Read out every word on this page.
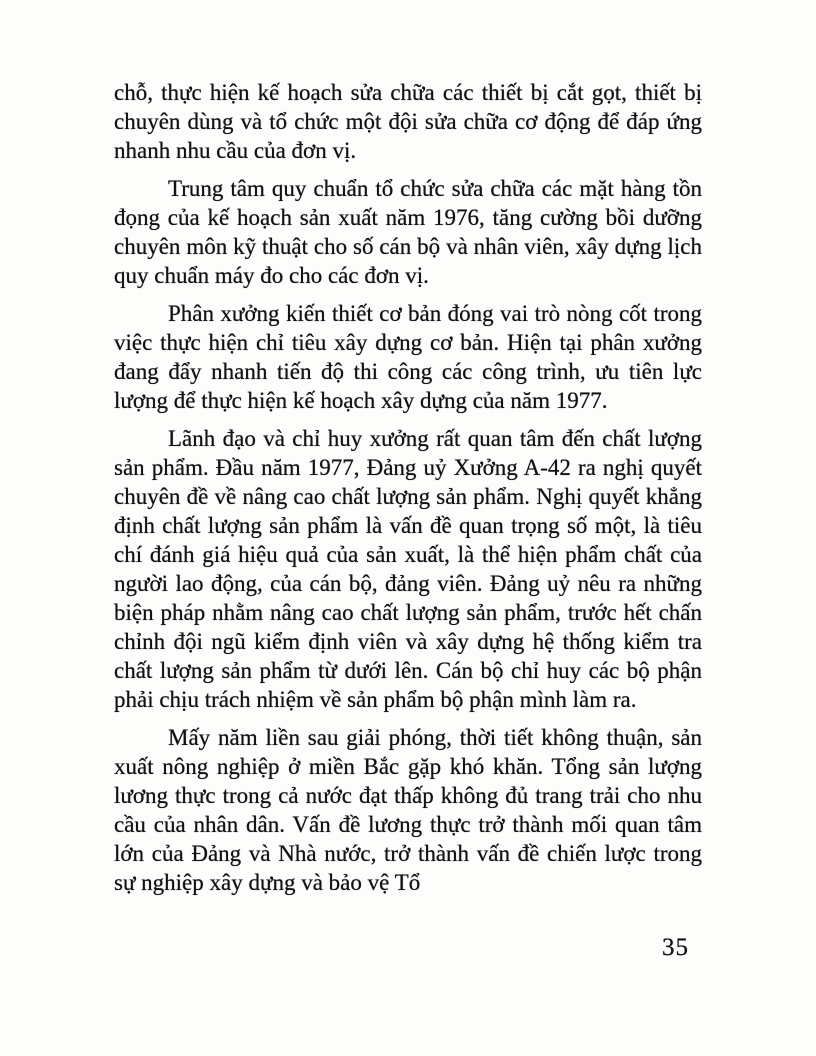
chỗ, thực hiện kế hoạch sửa chữa các thiết bị cắt gọt, thiết bị chuyên dùng và tổ chức một đội sửa chữa cơ động để đáp ứng nhanh nhu cầu của đơn vị.

Trung tâm quy chuẩn tổ chức sửa chữa các mặt hàng tồn đọng của kế hoạch sản xuất năm 1976, tăng cường bồi dưỡng chuyên môn kỹ thuật cho số cán bộ và nhân viên, xây dựng lịch quy chuẩn máy đo cho các đơn vị.

Phân xưởng kiến thiết cơ bản đóng vai trò nòng cốt trong việc thực hiện chỉ tiêu xây dựng cơ bản. Hiện tại phân xưởng đang đẩy nhanh tiến độ thi công các công trình, ưu tiên lực lượng để thực hiện kế hoạch xây dựng của năm 1977.

Lãnh đạo và chỉ huy xưởng rất quan tâm đến chất lượng sản phẩm. Đầu năm 1977, Đảng uỷ Xưởng A-42 ra nghị quyết chuyên đề về nâng cao chất lượng sản phẩm. Nghị quyết khẳng định chất lượng sản phẩm là vấn đề quan trọng số một, là tiêu chí đánh giá hiệu quả của sản xuất, là thể hiện phẩm chất của người lao động, của cán bộ, đảng viên. Đảng uỷ nêu ra những biện pháp nhằm nâng cao chất lượng sản phẩm, trước hết chấn chỉnh đội ngũ kiểm định viên và xây dựng hệ thống kiểm tra chất lượng sản phẩm từ dưới lên. Cán bộ chỉ huy các bộ phận phải chịu trách nhiệm về sản phẩm bộ phận mình làm ra.

Mấy năm liền sau giải phóng, thời tiết không thuận, sản xuất nông nghiệp ở miền Bắc gặp khó khăn. Tổng sản lượng lương thực trong cả nước đạt thấp không đủ trang trải cho nhu cầu của nhân dân. Vấn đề lương thực trở thành mối quan tâm lớn của Đảng và Nhà nước, trở thành vấn đề chiến lược trong sự nghiệp xây dựng và bảo vệ Tổ

35
